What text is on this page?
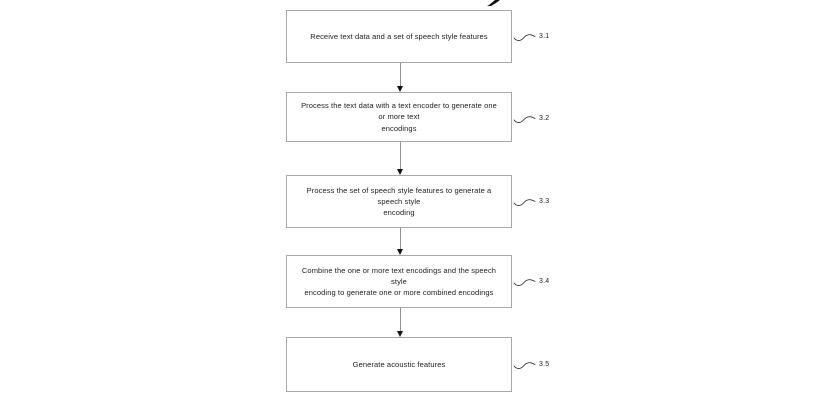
Receive text data and a set of speech style features	3.1
Process the text data with a text encoder to generate one or more text
encodings
3.2
Process the set of speech style features to generate a speech style
encoding
3.3
Combine the one or more text encodings and the speech style
encoding to generate one or more combined encodings
3.4
Generate acoustic features	3.5
